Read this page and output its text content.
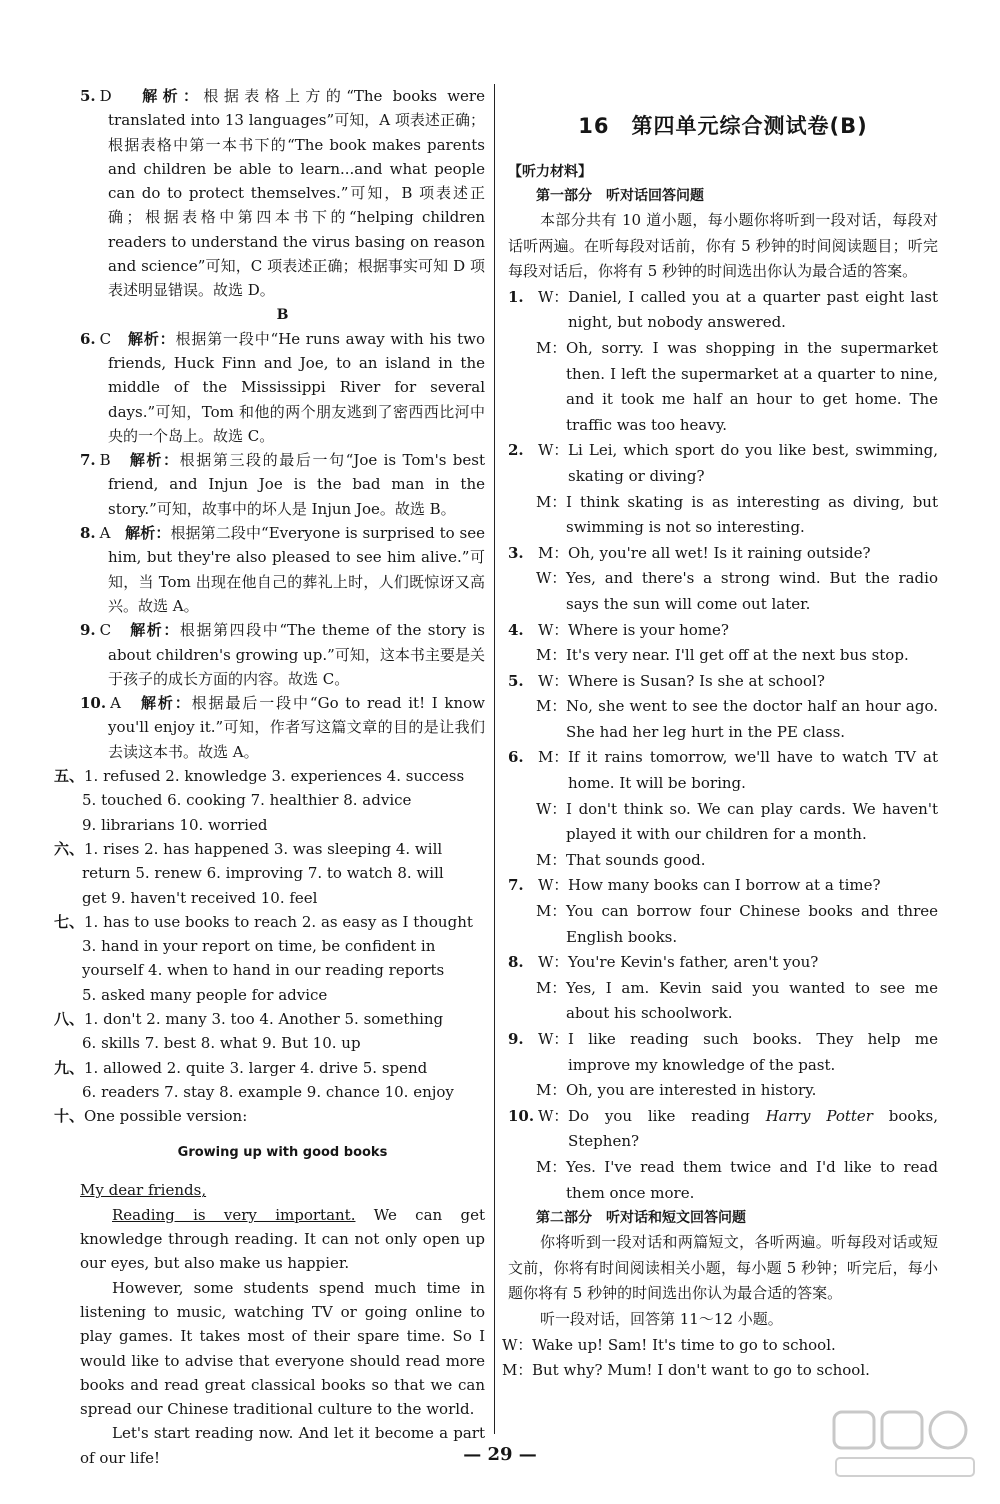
5. D 解析：根据表格上方的“The books were translated into 13 languages”可知，A 项表述正确；根据表格中第一本书下的“The book makes parents and children be able to learn...and what people can do to protect themselves.”可知，B 项表述正确；根据表格中第四本书下的“helping children readers to understand the virus basing on reason and science”可知，C 项表述正确；根据事实可知 D 项表述明显错误。故选 D。

B

6. C 解析：根据第一段中“He runs away with his two friends, Huck Finn and Joe, to an island in the middle of the Mississippi River for several days.”可知，Tom 和他的两个朋友逃到了密西西比河中央的一个岛上。故选 C。

7. B 解析：根据第三段的最后一句“Joe is Tom's best friend, and Injun Joe is the bad man in the story.”可知，故事中的坏人是 Injun Joe。故选 B。

8. A 解析：根据第二段中“Everyone is surprised to see him, but they're also pleased to see him alive.”可知，当 Tom 出现在他自己的葬礼上时，人们既惊讶又高兴。故选 A。

9. C 解析：根据第四段中“The theme of the story is about children's growing up.”可知，这本书主要是关于孩子的成长方面的内容。故选 C。

10. A 解析：根据最后一段中“Go to read it! I know you'll enjoy it.”可知，作者写这篇文章的目的是让我们去读这本书。故选 A。

五、1. refused 2. knowledge 3. experiences 4. success

5. touched 6. cooking 7. healthier 8. advice

9. librarians 10. worried

六、1. rises 2. has happened 3. was sleeping 4. will

return 5. renew 6. improving 7. to watch 8. will

get 9. haven't received 10. feel

七、1. has to use books to reach 2. as easy as I thought

3. hand in your report on time, be confident in

yourself 4. when to hand in our reading reports

5. asked many people for advice

八、1. don't 2. many 3. too 4. Another 5. something

6. skills 7. best 8. what 9. But 10. up

九、1. allowed 2. quite 3. larger 4. drive 5. spend

6. readers 7. stay 8. example 9. chance 10. enjoy

十、One possible version:

Growing up with good books

My dear friends,

Reading is very important. We can get knowledge through reading. It can not only open up our eyes, but also make us happier.

However, some students spend much time in listening to music, watching TV or going online to play games. It takes most of their spare time. So I would like to advise that everyone should read more books and read great classical books so that we can spread our Chinese traditional culture to the world.

Let's start reading now. And let it become a part of our life!

16　第四单元综合测试卷(B)
【听力材料】
第一部分　听对话回答问题

本部分共有 10 道小题，每小题你将听到一段对话，每段对话听两遍。在听每段对话前，你有 5 秒钟的时间阅读题目；听完每段对话后，你将有 5 秒钟的时间选出你认为最合适的答案。

1. W： Daniel, I called you at a quarter past eight last night, but nobody answered.
M： Oh, sorry. I was shopping in the supermarket then. I left the supermarket at a quarter to nine, and it took me half an hour to get home. The traffic was too heavy.
2. W： Li Lei, which sport do you like best, swimming, skating or diving?
M： I think skating is as interesting as diving, but swimming is not so interesting.
3. M： Oh, you're all wet! Is it raining outside?
W： Yes, and there's a strong wind. But the radio says the sun will come out later.
4. W： Where is your home?
M： It's very near. I'll get off at the next bus stop.
5. W： Where is Susan? Is she at school?
M： No, she went to see the doctor half an hour ago. She had her leg hurt in the PE class.
6. M： If it rains tomorrow, we'll have to watch TV at home. It will be boring.
W： I don't think so. We can play cards. We haven't played it with our children for a month.
M： That sounds good.
7. W： How many books can I borrow at a time?
M： You can borrow four Chinese books and three English books.
8. W： You're Kevin's father, aren't you?
M： Yes, I am. Kevin said you wanted to see me about his schoolwork.
9. W： I like reading such books. They help me improve my knowledge of the past.
M： Oh, you are interested in history.
10. W： Do you like reading Harry Potter books, Stephen?
M： Yes. I've read them twice and I'd like to read them once more.
第二部分　听对话和短文回答问题

你将听到一段对话和两篇短文，各听两遍。听每段对话或短文前，你将有时间阅读相关小题，每小题 5 秒钟；听完后，每小题你将有 5 秒钟的时间选出你认为最合适的答案。

听一段对话，回答第 11～12 小题。

W： Wake up! Sam! It's time to go to school.
M： But why? Mum! I don't want to go to school.
— 29 —
